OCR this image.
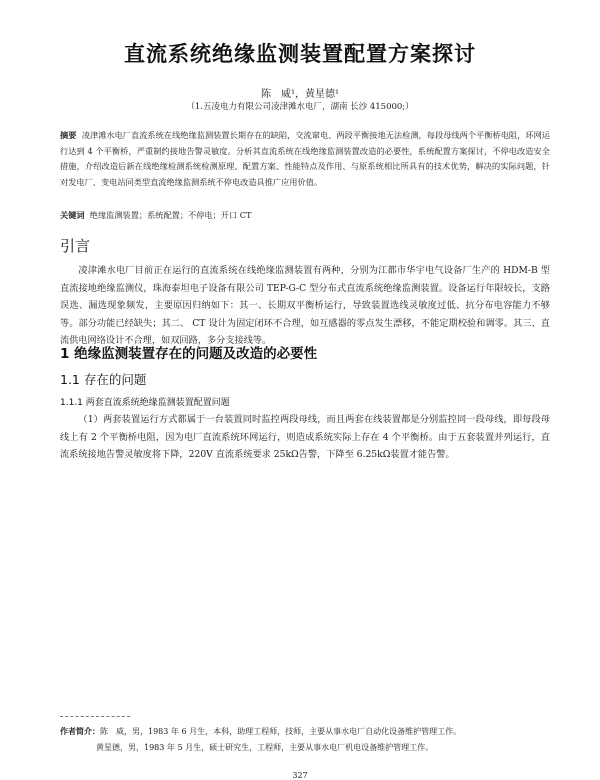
直流系统绝缘监测装置配置方案探讨
陈　威¹，黄星德¹
（1.五凌电力有限公司凌津滩水电厂，湖南 长沙 415000;）
摘要 凌津滩水电厂直流系统在线绝缘监测装置长期存在的缺陷，交流窜电、两段平衡接地无法检测，每段母线两个平衡桥电阻，环网运行达到 4 个平衡桥，严重制约接地告警灵敏度。分析其直流系统在线绝缘监测装置改造的必要性，系统配置方案探讨，不停电改造安全措施，介绍改造后新在线绝缘检测系统检测原理、配置方案、性能特点及作用、与原系统相比所具有的技术优势，解决的实际问题，针对发电厂、变电站同类型直流绝缘监测系统不停电改造具推广应用价值。
关键词 绝缘监测装置；系统配置；不停电；开口 CT
引言
凌津滩水电厂目前正在运行的直流系统在线绝缘监测装置有两种，分别为江都市华宇电气设备厂生产的 HDM-B 型直流接地绝缘监测仪，珠海泰坦电子设备有限公司 TEP-G-C 型分布式直流系统绝缘监测装置。设备运行年限较长，支路误选、漏选现象频发，主要原因归纳如下：其一、长期双平衡桥运行，导致装置选线灵敏度过低、抗分布电容能力不够等。部分功能已经缺失；其二、 CT 设计为固定闭环不合理，如互感器的零点发生漂移，不能定期校验和调零。其三、直流供电网络设计不合理，如双回路，多分支接线等。
1 绝缘监测装置存在的问题及改造的必要性
1.1 存在的问题
1.1.1 两套直流系统绝缘监测装置配置问题
（1）两套装置运行方式都属于一台装置同时监控两段母线，而且两套在线装置都是分别监控同一段母线，即每段母线上有 2 个平衡桥电阻，因为电厂直流系统环网运行，则造成系统实际上存在 4 个平衡桥。由于五套装置并列运行，直流系统接地告警灵敏度将下降，220V 直流系统要求 25kΩ告警，下降至 6.25kΩ装置才能告警。
作者简介：陈　威，男，1983 年 6 月生，本科，助理工程师，技师，主要从事水电厂自动化设备维护管理工作。
黄星德，男，1983 年 5 月生，硕士研究生，工程师，主要从事水电厂机电设备维护管理工作。
327
